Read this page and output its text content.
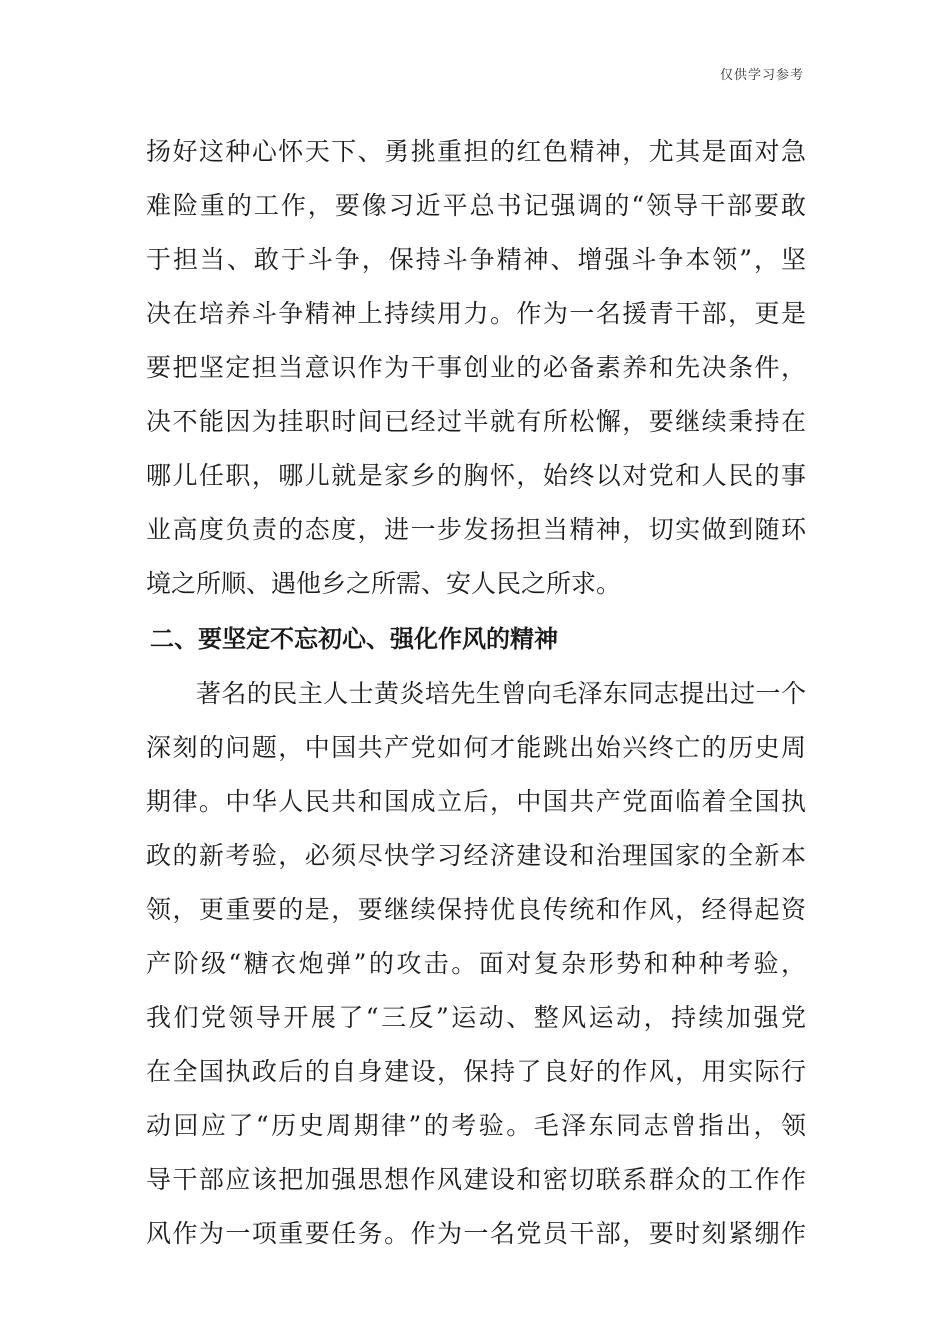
仅供学习参考
扬好这种心怀天下、勇挑重担的红色精神，尤其是面对急
难险重的工作，要像习近平总书记强调的“领导干部要敢
于担当、敢于斗争，保持斗争精神、增强斗争本领”，坚
决在培养斗争精神上持续用力。作为一名援青干部，更是
要把坚定担当意识作为干事创业的必备素养和先决条件，
决不能因为挂职时间已经过半就有所松懈，要继续秉持在
哪儿任职，哪儿就是家乡的胸怀，始终以对党和人民的事
业高度负责的态度，进一步发扬担当精神，切实做到随环
境之所顺、遇他乡之所需、安人民之所求。
二、要坚定不忘初心、强化作风的精神
著名的民主人士黄炎培先生曾向毛泽东同志提出过一个
深刻的问题，中国共产党如何才能跳出始兴终亡的历史周
期律。中华人民共和国成立后，中国共产党面临着全国执
政的新考验，必须尽快学习经济建设和治理国家的全新本
领，更重要的是，要继续保持优良传统和作风，经得起资
产阶级“糖衣炮弹”的攻击。面对复杂形势和种种考验，
我们党领导开展了“三反”运动、整风运动，持续加强党
在全国执政后的自身建设，保持了良好的作风，用实际行
动回应了“历史周期律”的考验。毛泽东同志曾指出，领
导干部应该把加强思想作风建设和密切联系群众的工作作
风作为一项重要任务。作为一名党员干部，要时刻紧绷作
